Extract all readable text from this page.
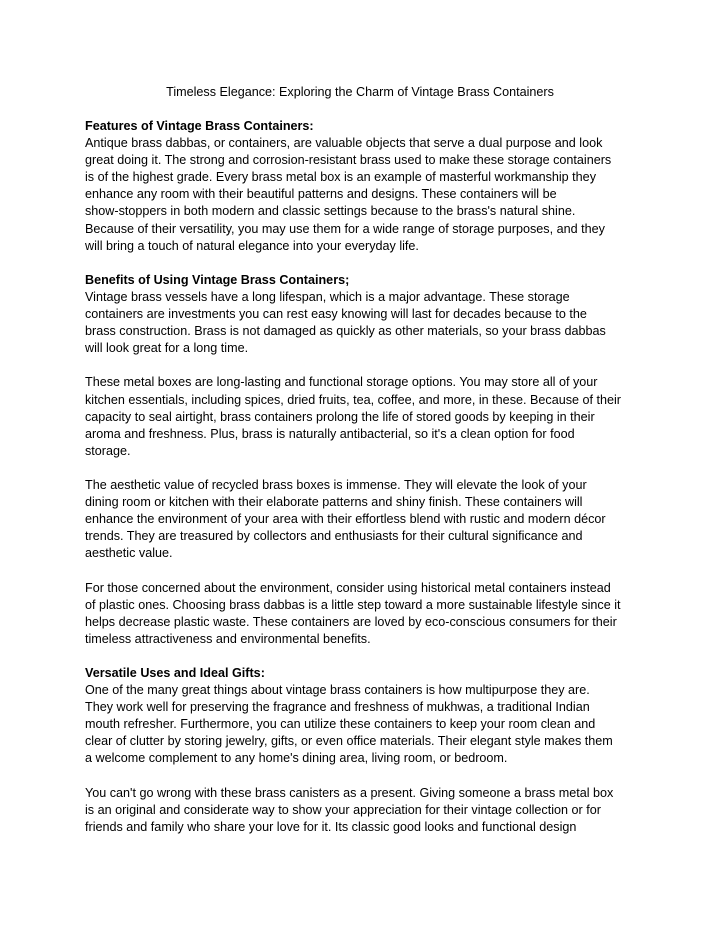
Timeless Elegance: Exploring the Charm of Vintage Brass Containers
Features of Vintage Brass Containers:
Antique brass dabbas, or containers, are valuable objects that serve a dual purpose and look
great doing it. The strong and corrosion-resistant brass used to make these storage containers
is of the highest grade. Every brass metal box is an example of masterful workmanship they
enhance any room with their beautiful patterns and designs. These containers will be
show-stoppers in both modern and classic settings because to the brass's natural shine.
Because of their versatility, you may use them for a wide range of storage purposes, and they
will bring a touch of natural elegance into your everyday life.
Benefits of Using Vintage Brass Containers;
Vintage brass vessels have a long lifespan, which is a major advantage. These storage
containers are investments you can rest easy knowing will last for decades because to the
brass construction. Brass is not damaged as quickly as other materials, so your brass dabbas
will look great for a long time.
These metal boxes are long-lasting and functional storage options. You may store all of your
kitchen essentials, including spices, dried fruits, tea, coffee, and more, in these. Because of their
capacity to seal airtight, brass containers prolong the life of stored goods by keeping in their
aroma and freshness. Plus, brass is naturally antibacterial, so it's a clean option for food
storage.
The aesthetic value of recycled brass boxes is immense. They will elevate the look of your
dining room or kitchen with their elaborate patterns and shiny finish. These containers will
enhance the environment of your area with their effortless blend with rustic and modern décor
trends. They are treasured by collectors and enthusiasts for their cultural significance and
aesthetic value.
For those concerned about the environment, consider using historical metal containers instead
of plastic ones. Choosing brass dabbas is a little step toward a more sustainable lifestyle since it
helps decrease plastic waste. These containers are loved by eco-conscious consumers for their
timeless attractiveness and environmental benefits.
Versatile Uses and Ideal Gifts:
One of the many great things about vintage brass containers is how multipurpose they are.
They work well for preserving the fragrance and freshness of mukhwas, a traditional Indian
mouth refresher. Furthermore, you can utilize these containers to keep your room clean and
clear of clutter by storing jewelry, gifts, or even office materials. Their elegant style makes them
a welcome complement to any home's dining area, living room, or bedroom.
You can't go wrong with these brass canisters as a present. Giving someone a brass metal box
is an original and considerate way to show your appreciation for their vintage collection or for
friends and family who share your love for it. Its classic good looks and functional design
